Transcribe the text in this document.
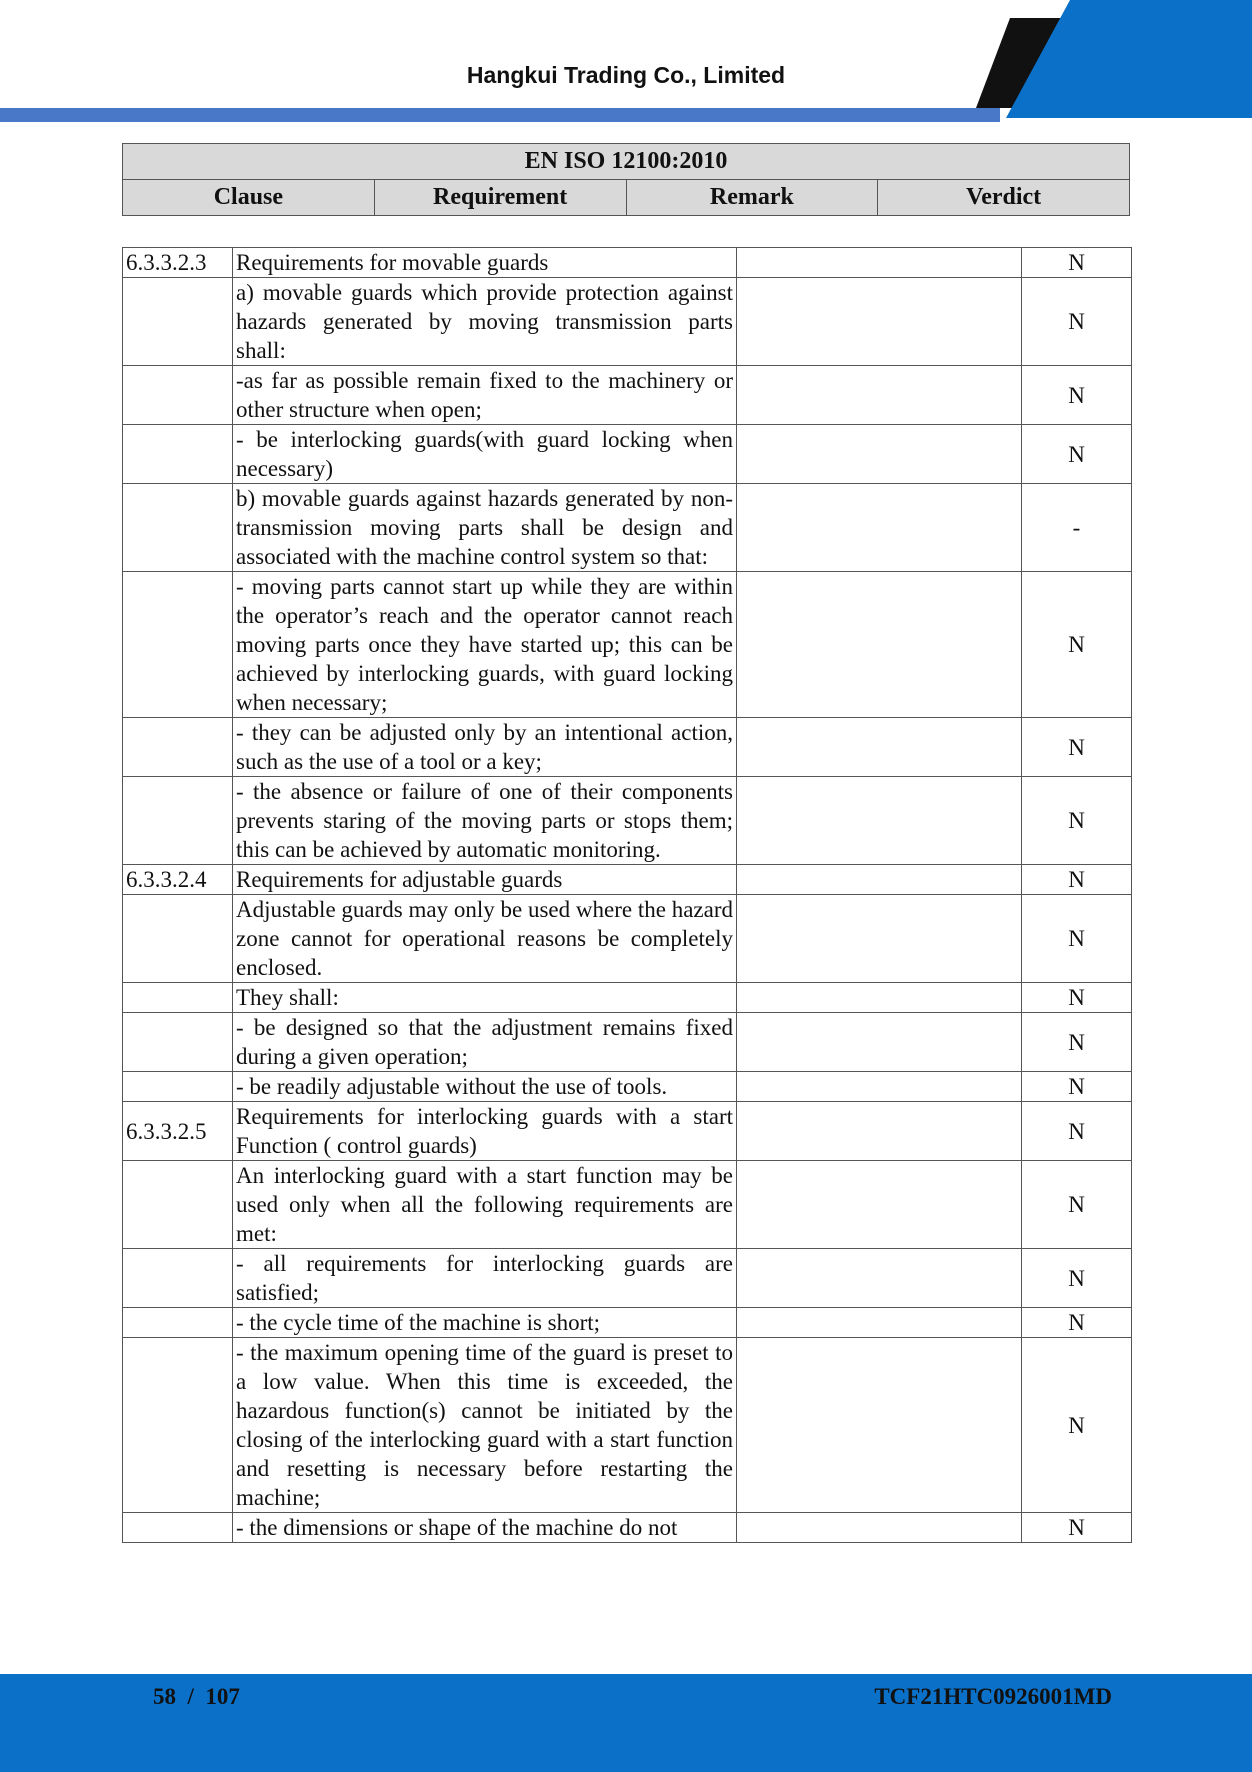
Hangkui Trading Co., Limited
EN ISO 12100:2010
Clause	Requirement	Remark	Verdict
6.3.3.2.3	Requirements for movable guards		N
	a) movable guards which provide protection against hazards generated by moving transmission parts shall:		N
	-as far as possible remain fixed to the machinery or other structure when open;		N
	- be interlocking guards(with guard locking when necessary)		N
	b) movable guards against hazards generated by non-transmission moving parts shall be design and associated with the machine control system so that:		-
	- moving parts cannot start up while they are within the operator’s reach and the operator cannot reach moving parts once they have started up; this can be achieved by interlocking guards, with guard locking when necessary;		N
	- they can be adjusted only by an intentional action, such as the use of a tool or a key;		N
	- the absence or failure of one of their components prevents staring of the moving parts or stops them; this can be achieved by automatic monitoring.		N
6.3.3.2.4	Requirements for adjustable guards		N
	Adjustable guards may only be used where the hazard zone cannot for operational reasons be completely enclosed.		N
	They shall:		N
	- be designed so that the adjustment remains fixed during a given operation;		N
	- be readily adjustable without the use of tools.		N
6.3.3.2.5	Requirements for interlocking guards with a start Function ( control guards)		N
	An interlocking guard with a start function may be used only when all the following requirements are met:		N
	- all requirements for interlocking guards are satisfied;		N
	- the cycle time of the machine is short;		N
	- the maximum opening time of the guard is preset to a low value. When this time is exceeded, the hazardous function(s) cannot be initiated by the closing of the interlocking guard with a start function and resetting is necessary before restarting the machine;		N
	- the dimensions or shape of the machine do not		N
58  /  107	TCF21HTC0926001MD
